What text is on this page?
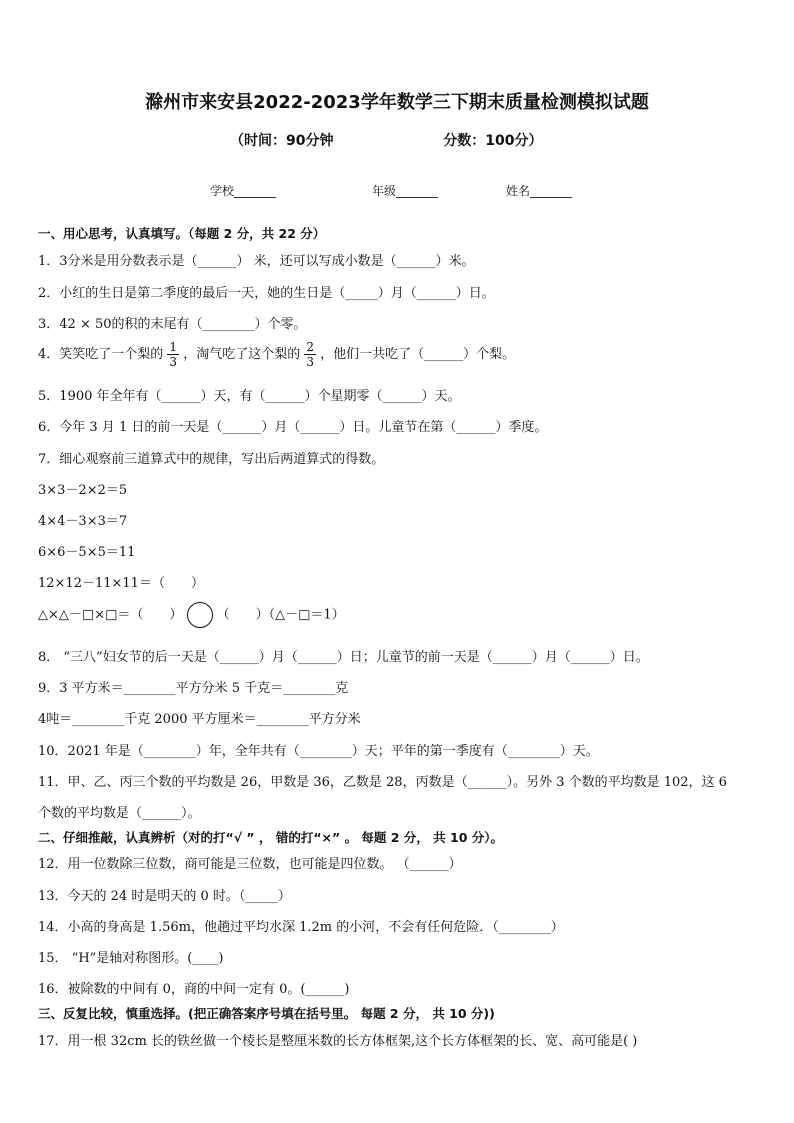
滁州市来安县2022-2023学年数学三下期末质量检测模拟试题
（时间：90分钟	分数：100分）
学校_______	年级_______	姓名_______
一、用心思考，认真填写。（每题 2 分，共 22 分）
1．3分米是用分数表示是（______） 米，还可以写成小数是（______）米。
2．小红的生日是第二季度的最后一天，她的生日是（_____）月（______）日。
3．42 × 50的积的末尾有（________）个零。
4．笑笑吃了一个梨的 $\frac{1}{3}$ ，淘气吃了这个梨的 $\frac{2}{3}$ ，他们一共吃了（______）个梨。
5．1900 年全年有（______）天，有（______）个星期零（______）天。
6．今年 3 月 1 日的前一天是（______）月（______）日。儿童节在第（______）季度。
7．细心观察前三道算式中的规律，写出后两道算式的得数。
3×3－2×2＝5
4×4－3×3＝7
6×6－5×5＝11
12×12－11×11＝（　　）
△×△－□×□＝（　　）	（　　）（△－□＝1）
8． “三八”妇女节的后一天是（______）月（______）日；儿童节的前一天是（______）月（______）日。
9．3 平方米＝________平方分米 5 千克＝________克
4吨＝________千克 2000 平方厘米＝________平方分米
10．2021 年是（________）年，全年共有（________）天；平年的第一季度有（________）天。
11．甲、乙、丙三个数的平均数是 26，甲数是 36，乙数是 28，丙数是（______）。另外 3 个数的平均数是 102，这 6
个数的平均数是（______）。
二、仔细推敲，认真辨析（对的打“√ ” ， 错的打“×” 。 每题 2 分， 共 10 分）。
12．用一位数除三位数，商可能是三位数，也可能是四位数。 （______）
13．今天的 24 时是明天的 0 时。（_____）
14．小高的身高是 1.56m，他趟过平均水深 1.2m 的小河，不会有任何危险．（________）
15． “H”是轴对称图形。(____)
16．被除数的中间有 0，商的中间一定有 0。(______)
三、反复比较，慎重选择。(把正确答案序号填在括号里。 每题 2 分， 共 10 分))
17．用一根 32cm 长的铁丝做一个棱长是整厘米数的长方体框架,这个长方体框架的长、宽、高可能是( )
